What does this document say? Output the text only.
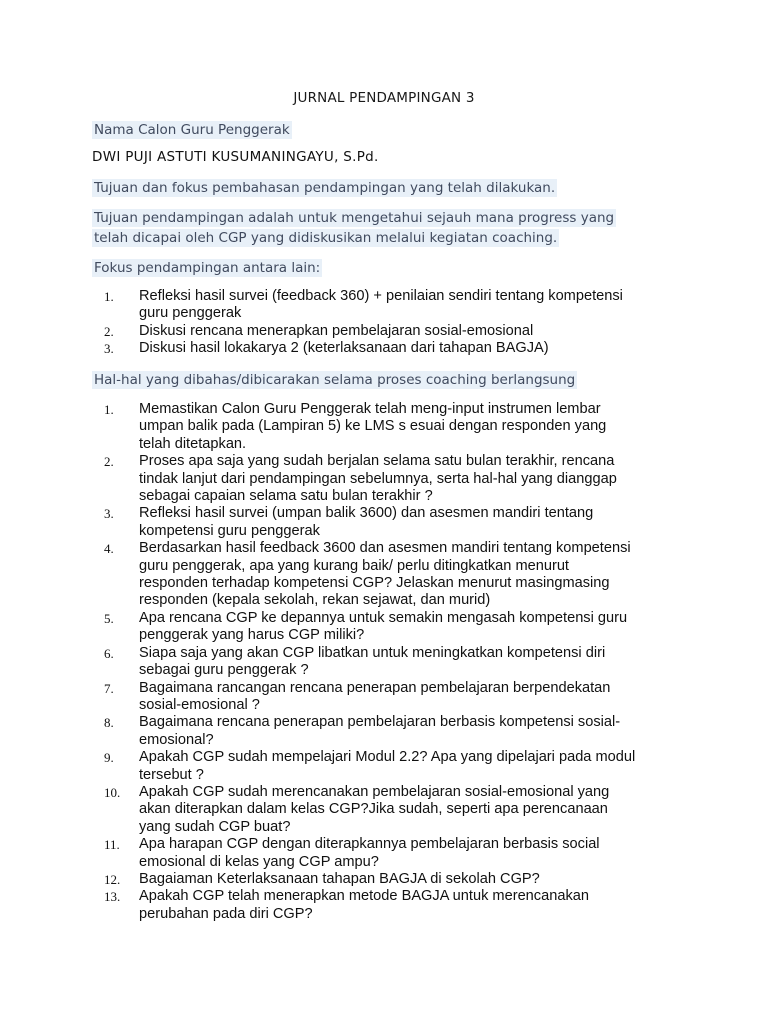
JURNAL PENDAMPINGAN 3
Nama Calon Guru Penggerak
DWI PUJI ASTUTI KUSUMANINGAYU, S.Pd.
Tujuan dan fokus pembahasan pendampingan yang telah dilakukan.
Tujuan pendampingan adalah untuk mengetahui sejauh mana progress yang telah dicapai oleh CGP yang didiskusikan melalui kegiatan coaching.
Fokus pendampingan antara lain:
1.	Refleksi hasil survei (feedback 360) + penilaian sendiri tentang kompetensi guru penggerak
2.	Diskusi rencana menerapkan pembelajaran sosial-emosional
3.	Diskusi hasil lokakarya 2 (keterlaksanaan dari tahapan BAGJA)
Hal-hal yang dibahas/dibicarakan selama proses coaching berlangsung
1.	Memastikan Calon Guru Penggerak telah meng-input instrumen lembar umpan balik pada (Lampiran 5) ke LMS s esuai dengan responden yang telah ditetapkan.
2.	Proses apa saja yang sudah berjalan selama satu bulan terakhir, rencana tindak lanjut dari pendampingan sebelumnya, serta hal-hal yang dianggap sebagai capaian selama satu bulan terakhir ?
3.	Refleksi hasil survei (umpan balik 3600) dan asesmen mandiri tentang kompetensi guru penggerak
4.	Berdasarkan hasil feedback 3600 dan asesmen mandiri tentang kompetensi guru penggerak, apa yang kurang baik/ perlu ditingkatkan menurut responden terhadap kompetensi CGP? Jelaskan menurut masingmasing responden (kepala sekolah, rekan sejawat, dan murid)
5.	Apa rencana CGP ke depannya untuk semakin mengasah kompetensi guru penggerak yang harus CGP miliki?
6.	Siapa saja yang akan CGP libatkan untuk meningkatkan kompetensi diri sebagai guru penggerak ?
7.	Bagaimana rancangan rencana penerapan pembelajaran berpendekatan sosial-emosional ?
8.	Bagaimana rencana penerapan pembelajaran berbasis kompetensi sosial-emosional?
9.	Apakah CGP sudah mempelajari Modul 2.2? Apa yang dipelajari pada modul tersebut ?
10.	Apakah CGP sudah merencanakan pembelajaran sosial-emosional yang akan diterapkan dalam kelas CGP?Jika sudah, seperti apa perencanaan yang sudah CGP buat?
11.	Apa harapan CGP dengan diterapkannya pembelajaran berbasis social emosional di kelas yang CGP ampu?
12.	Bagaiaman Keterlaksanaan tahapan BAGJA di sekolah CGP?
13.	Apakah CGP telah menerapkan metode BAGJA untuk merencanakan perubahan pada diri CGP?
